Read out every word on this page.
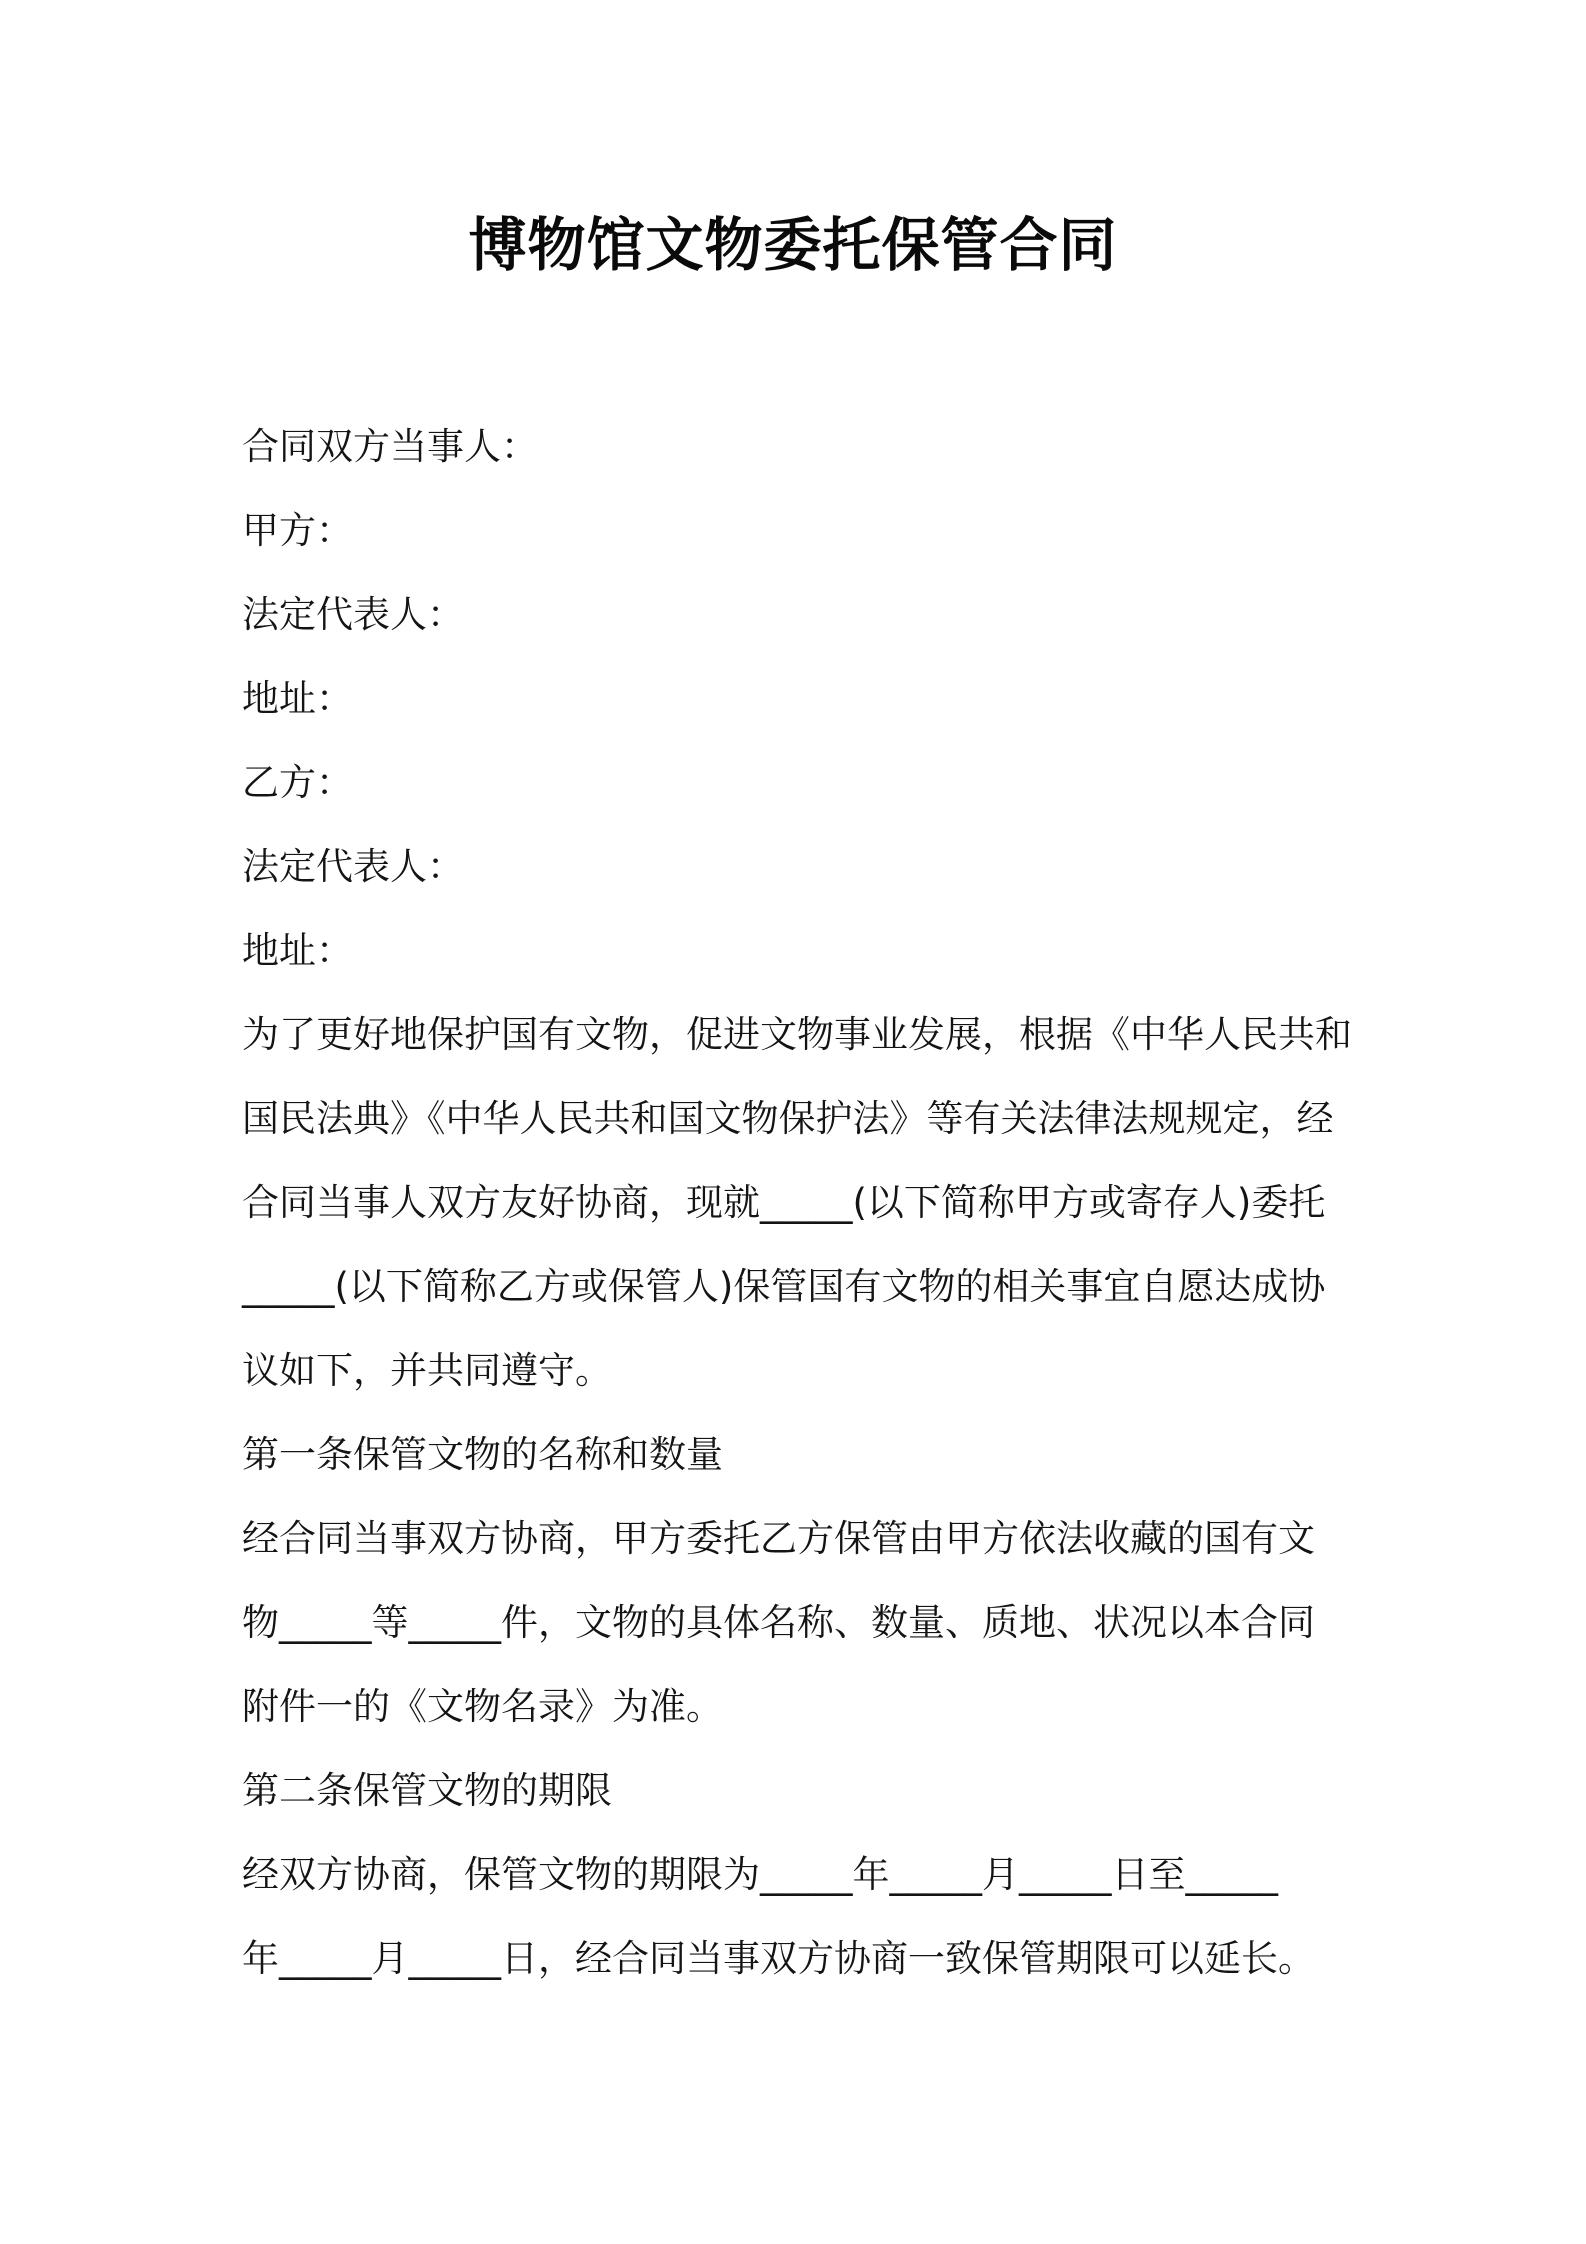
博物馆文物委托保管合同
合同双方当事人：
甲方：
法定代表人：
地址：
乙方：
法定代表人：
地址：
为了更好地保护国有文物，促进文物事业发展，根据《中华人民共和
国民法典》《中华人民共和国文物保护法》等有关法律法规规定，经
合同当事人双方友好协商，现就_____(以下简称甲方或寄存人)委托
_____(以下简称乙方或保管人)保管国有文物的相关事宜自愿达成协
议如下，并共同遵守。
第一条保管文物的名称和数量
经合同当事双方协商，甲方委托乙方保管由甲方依法收藏的国有文
物_____等_____件，文物的具体名称、数量、质地、状况以本合同
附件一的《文物名录》为准。
第二条保管文物的期限
经双方协商，保管文物的期限为_____年_____月_____日至_____
年_____月_____日，经合同当事双方协商一致保管期限可以延长。
